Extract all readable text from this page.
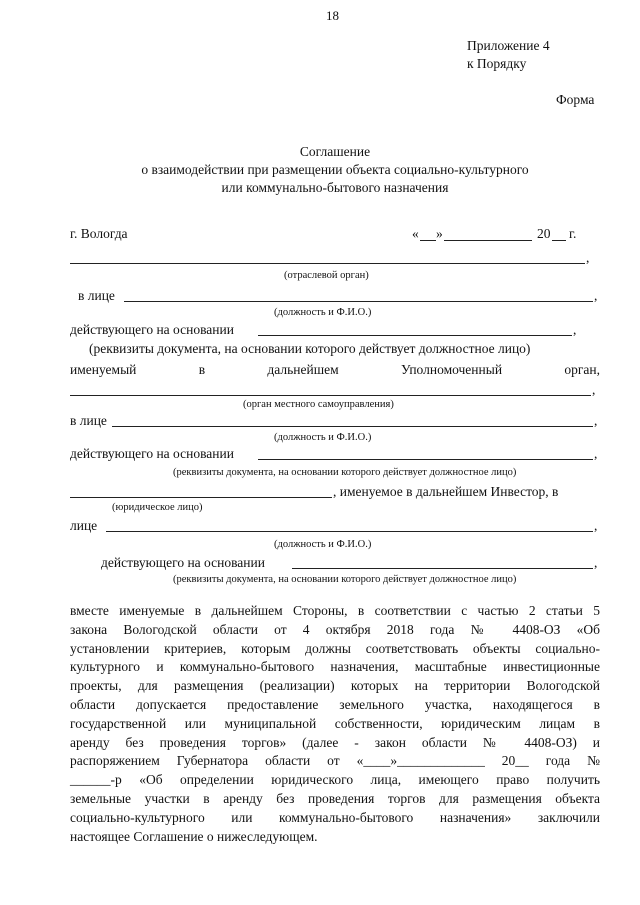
18
Приложение 4
к Порядку
Форма
Соглашение
о взаимодействии при размещении объекта социально-культурного
или коммунально-бытового назначения
г. Вологда	« »	20 г.
,
(отраслевой орган)
в лице	,
(должность и Ф.И.О.)
действующего на основании	,
(реквизиты документа, на основании которого действует должностное лицо)
именуемый	в	дальнейшем	Уполномоченный	орган,
,
(орган местного самоуправления)
в лице	,
(должность и Ф.И.О.)
действующего на основании	,
(реквизиты документа, на основании которого действует должностное лицо)
, именуемое в дальнейшем Инвестор, в
(юридическое лицо)
лице	,
(должность и Ф.И.О.)
действующего на основании	,
(реквизиты документа, на основании которого действует должностное лицо)
вместе именуемые в дальнейшем Стороны, в соответствии с частью 2 статьи 5
закона Вологодской области от 4 октября 2018 года № 4408-ОЗ «Об
установлении критериев, которым должны соответствовать объекты социально-
культурного и коммунально-бытового назначения, масштабные инвестиционные
проекты, для размещения (реализации) которых на территории Вологодской
области допускается предоставление земельного участка, находящегося в
государственной или муниципальной собственности, юридическим лицам в
аренду без проведения торгов» (далее - закон области № 4408-ОЗ) и
распоряжением Губернатора области от «____»_____________ 20__ года №
______-р «Об определении юридического лица, имеющего право получить
земельные участки в аренду без проведения торгов для размещения объекта
социально-культурного или коммунально-бытового назначения» заключили
настоящее Соглашение о нижеследующем.
